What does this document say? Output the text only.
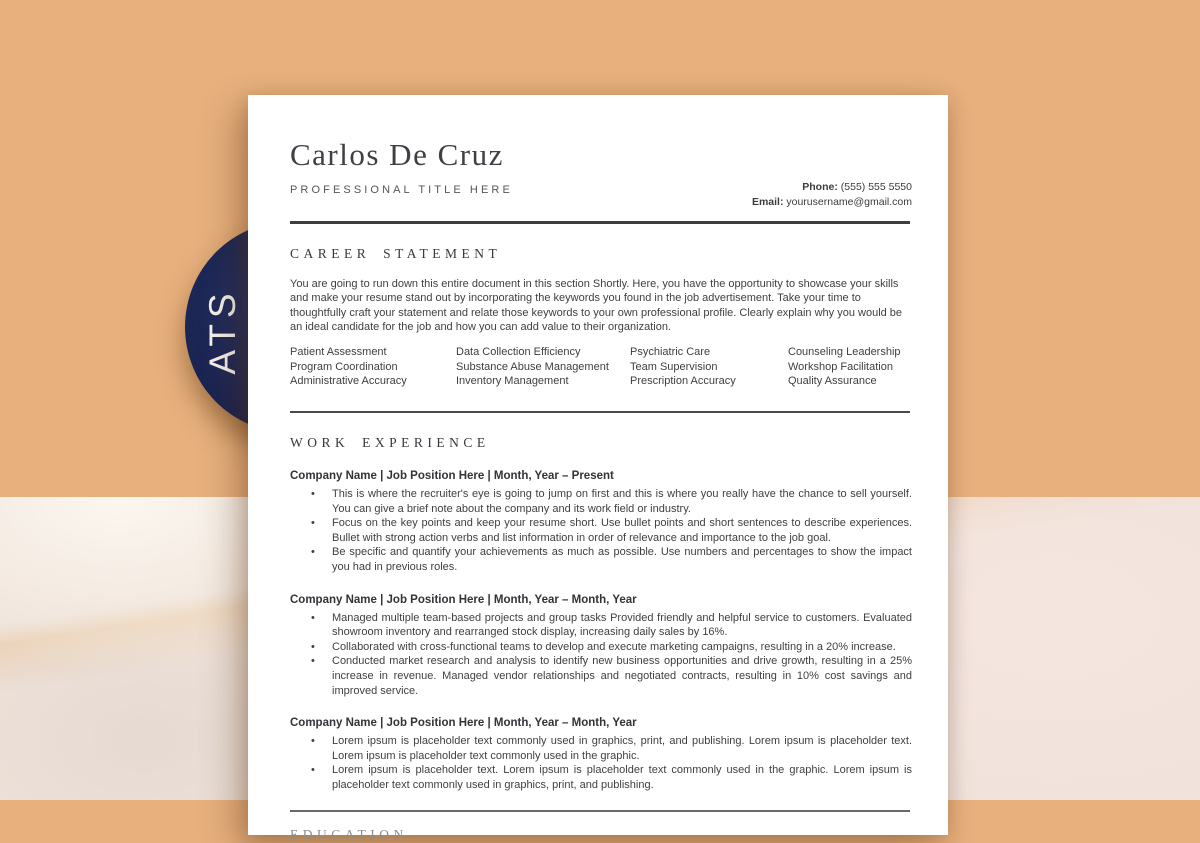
ATS
Carlos De Cruz
PROFESSIONAL TITLE HERE	Phone: (555) 555 5550
Email: yourusername@gmail.com
CAREER STATEMENT

You are going to run down this entire document in this section Shortly. Here, you have the opportunity to showcase your skills and make your resume stand out by incorporating the keywords you found in the job advertisement. Take your time to thoughtfully craft your statement and relate those keywords to your own professional profile. Clearly explain why you would be an ideal candidate for the job and how you can add value to their organization.

Patient Assessment
Program Coordination
Administrative Accuracy
Data Collection Efficiency
Substance Abuse Management
Inventory Management
Psychiatric Care
Team Supervision
Prescription Accuracy
Counseling Leadership
Workshop Facilitation
Quality Assurance
WORK EXPERIENCE

Company Name | Job Position Here | Month, Year – Present

• This is where the recruiter's eye is going to jump on first and this is where you really have the chance to sell yourself. You can give a brief note about the company and its work field or industry.
• Focus on the key points and keep your resume short. Use bullet points and short sentences to describe experiences. Bullet with strong action verbs and list information in order of relevance and importance to the job goal.
• Be specific and quantify your achievements as much as possible. Use numbers and percentages to show the impact you had in previous roles.

Company Name | Job Position Here | Month, Year – Month, Year

• Managed multiple team-based projects and group tasks Provided friendly and helpful service to customers. Evaluated showroom inventory and rearranged stock display, increasing daily sales by 16%.
• Collaborated with cross-functional teams to develop and execute marketing campaigns, resulting in a 20% increase.
• Conducted market research and analysis to identify new business opportunities and drive growth, resulting in a 25% increase in revenue. Managed vendor relationships and negotiated contracts, resulting in 10% cost savings and improved service.

Company Name | Job Position Here | Month, Year – Month, Year

• Lorem ipsum is placeholder text commonly used in graphics, print, and publishing. Lorem ipsum is placeholder text. Lorem ipsum is placeholder text commonly used in the graphic.
• Lorem ipsum is placeholder text. Lorem ipsum is placeholder text commonly used in the graphic. Lorem ipsum is placeholder text commonly used in graphics, print, and publishing.
EDUCATION
